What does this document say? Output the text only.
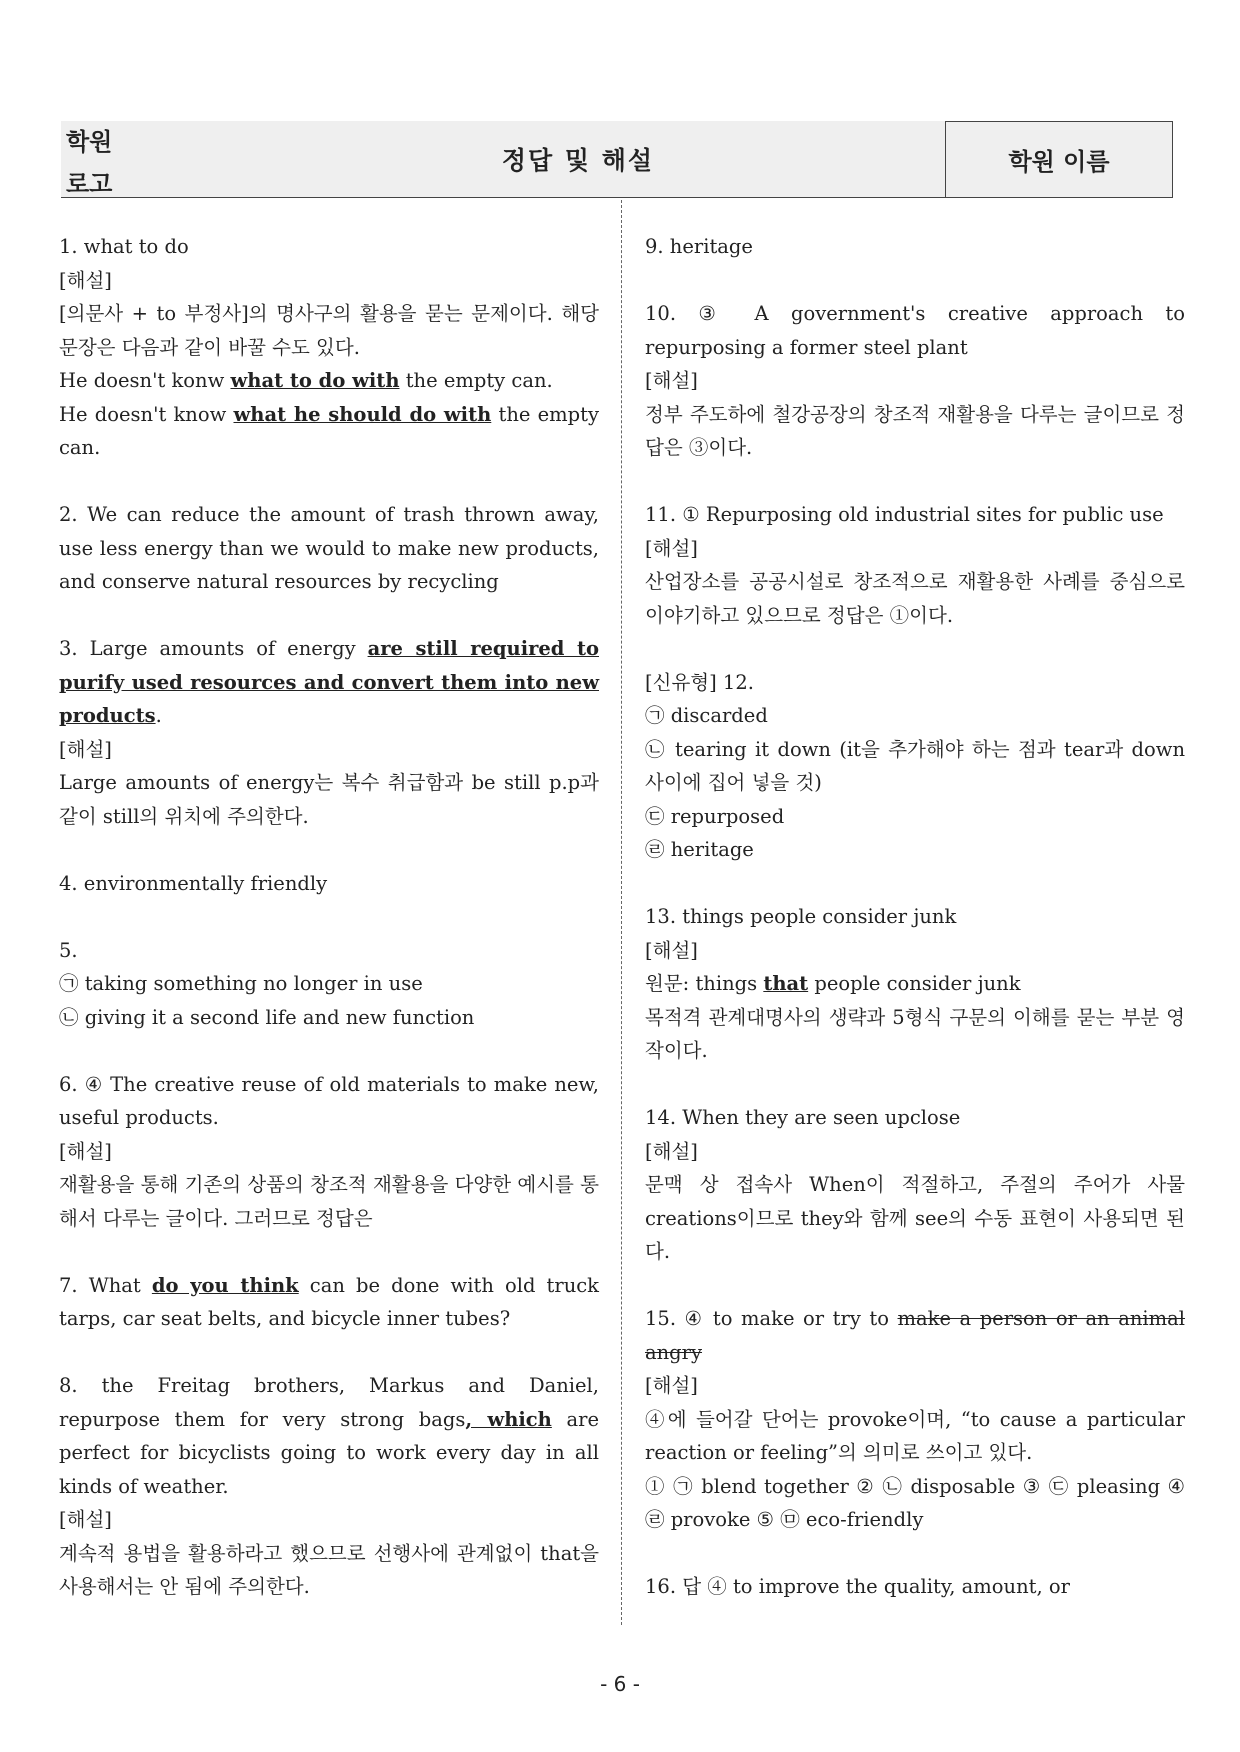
학원
로고
정답 및 해설	학원 이름

1. what to do

[해설]

[의문사 + to 부정사]의 명사구의 활용을 묻는 문제이다. 해당 문장은 다음과 같이 바꿀 수도 있다.

He doesn't konw what to do with the empty can.

He doesn't know what he should do with the empty can.

2. We can reduce the amount of trash thrown away, use less energy than we would to make new products, and conserve natural resources by recycling

3. Large amounts of energy are still required to purify used resources and convert them into new products.

[해설]

Large amounts of energy는 복수 취급함과 be still p.p과 같이 still의 위치에 주의한다.

4. environmentally friendly

5.

㉠ taking something no longer in use

㉡ giving it a second life and new function

6. ④ The creative reuse of old materials to make new, useful products.

[해설]

재활용을 통해 기존의 상품의 창조적 재활용을 다양한 예시를 통해서 다루는 글이다. 그러므로 정답은

7. What do you think can be done with old truck tarps, car seat belts, and bicycle inner tubes?

8. the Freitag brothers, Markus and Daniel, repurpose them for very strong bags, which are perfect for bicyclists going to work every day in all kinds of weather.

[해설]

계속적 용법을 활용하라고 했으므로 선행사에 관계없이 that을 사용해서는 안 됨에 주의한다.

9. heritage

10. ③ A government's creative approach to repurposing a former steel plant

[해설]

정부 주도하에 철강공장의 창조적 재활용을 다루는 글이므로 정답은 ③이다.

11. ① Repurposing old industrial sites for public use

[해설]

산업장소를 공공시설로 창조적으로 재활용한 사례를 중심으로 이야기하고 있으므로 정답은 ①이다.

[신유형] 12.

㉠ discarded

㉡ tearing it down (it을 추가해야 하는 점과 tear과 down 사이에 집어 넣을 것)

㉢ repurposed

㉣ heritage

13. things people consider junk

[해설]

원문: things that people consider junk

목적격 관계대명사의 생략과 5형식 구문의 이해를 묻는 부분 영작이다.

14. When they are seen upclose

[해설]

문맥 상 접속사 When이 적절하고, 주절의 주어가 사물 creations이므로 they와 함께 see의 수동 표현이 사용되면 된다.

15. ④ to make or try to make a person or an animal angry

[해설]

④에 들어갈 단어는 provoke이며, “to cause a particular reaction or feeling”의 의미로 쓰이고 있다.

① ㉠ blend together ② ㉡ disposable ③ ㉢ pleasing ④ ㉣ provoke ⑤ ㉤ eco-friendly

16. 답 ④ to improve the quality, amount, or

- 6 -
